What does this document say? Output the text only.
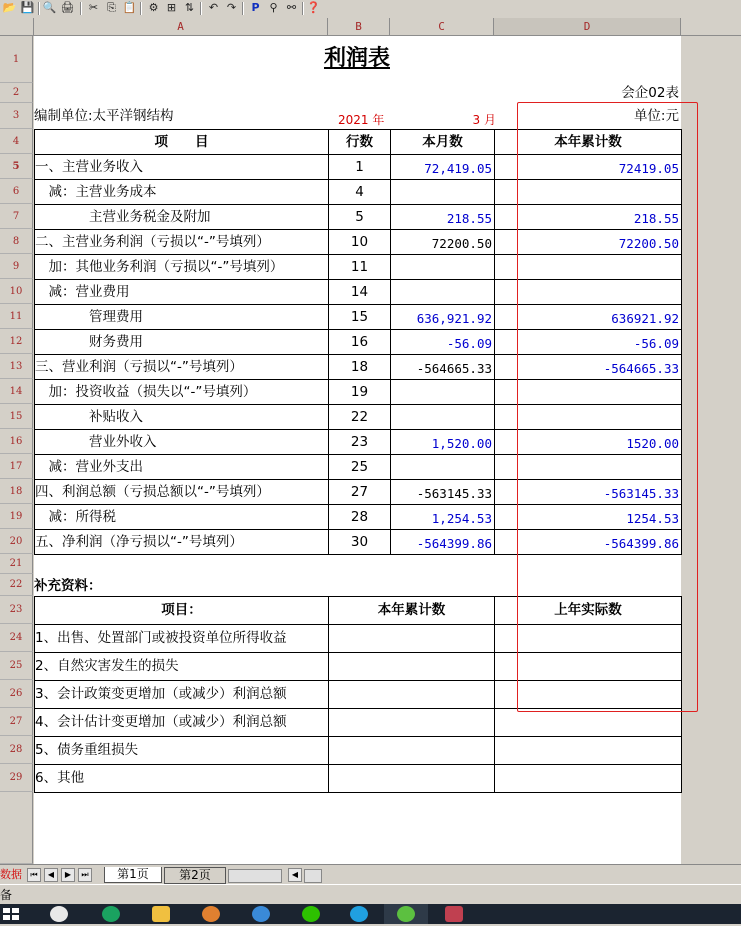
📂 💾 🔍 🖨 ✂ ⎘ 📋 ⚙ ⊞ ⇅ ↶ ↷	P ⚲ ⚯ ❓
A	B	C	D
1
2
3
4
5
6
7
8
9
10
11
12
13
14
15
16
17
18
19
20
21
22
23
24
25
26
27
28
29
利润表
会企02表
编制单位:太平洋钢结构	2021 年	3 月	单位:元
项　　目	行数	本月数	本年累计数
一、主营业务收入	1	72,419.05	72419.05
　减：主营业务成本	4
　　　　主营业务税金及附加	5	218.55	218.55
二、主营业务利润（亏损以“-”号填列）	10	72200.50	72200.50
　加：其他业务利润（亏损以“-”号填列）	11
　减：营业费用	14
　　　　管理费用	15	636,921.92	636921.92
　　　　财务费用	16	-56.09	-56.09
三、营业利润（亏损以“-”号填列）	18	-564665.33	-564665.33
　加：投资收益（损失以“-”号填列）	19
　　　　补贴收入	22
　　　　营业外收入	23	1,520.00	1520.00
　减：营业外支出	25
四、利润总额（亏损总额以“-”号填列）	27	-563145.33	-563145.33
　减：所得税	28	1,254.53	1254.53
五、净利润（净亏损以“-”号填列）	30	-564399.86	-564399.86
补充资料：
项目：	本年累计数	上年实际数
1、出售、处置部门或被投资单位所得收益
2、自然灾害发生的损失
3、会计政策变更增加（或减少）利润总额
4、会计估计变更增加（或减少）利润总额
5、债务重组损失
6、其他
数据	⏮	◀	▶	⏭	第1页	第2页	◀
备
